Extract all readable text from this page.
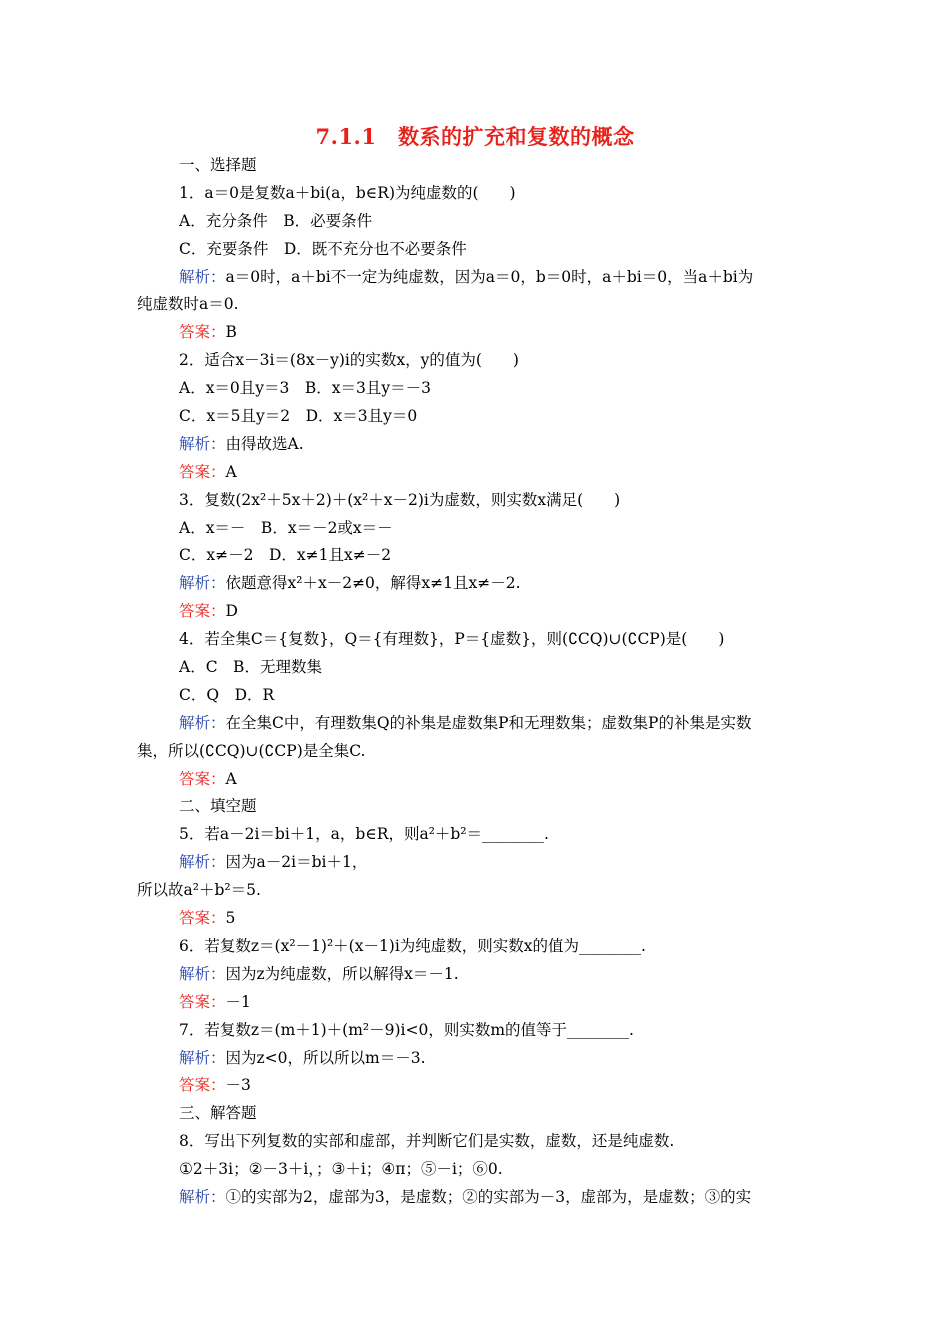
7.1.1　数系的扩充和复数的概念
一、选择题
1．a＝0是复数a＋bi(a，b∈R)为纯虚数的(　　)
A．充分条件　B．必要条件
C．充要条件　D．既不充分也不必要条件
解析：a＝0时，a＋bi不一定为纯虚数，因为a＝0，b＝0时，a＋bi＝0，当a＋bi为
纯虚数时a＝0.
答案：B
2．适合x－3i＝(8x－y)i的实数x，y的值为(　　)
A．x＝0且y＝3　B．x＝3且y＝－3
C．x＝5且y＝2　D．x＝3且y＝0
解析：由得故选A.
答案：A
3．复数(2x²＋5x＋2)＋(x²＋x－2)i为虚数，则实数x满足(　　)
A．x＝－　B．x＝－2或x＝－
C．x≠－2　D．x≠1且x≠－2
解析：依题意得x²＋x－2≠0，解得x≠1且x≠－2.
答案：D
4．若全集C＝{复数}，Q＝{有理数}，P＝{虚数}，则(∁CQ)∪(∁CP)是(　　)
A．C　B．无理数集
C．Q　D．R
解析：在全集C中，有理数集Q的补集是虚数集P和无理数集；虚数集P的补集是实数
集，所以(∁CQ)∪(∁CP)是全集C.
答案：A
二、填空题
5．若a－2i＝bi＋1，a，b∈R，则a²＋b²＝________.
解析：因为a－2i＝bi＋1，
所以故a²＋b²＝5.
答案：5
6．若复数z＝(x²－1)²＋(x－1)i为纯虚数，则实数x的值为________.
解析：因为z为纯虚数，所以解得x＝－1.
答案：－1
7．若复数z＝(m＋1)＋(m²－9)i<0，则实数m的值等于________.
解析：因为z<0，所以所以m＝－3.
答案：－3
三、解答题
8．写出下列复数的实部和虚部，并判断它们是实数，虚数，还是纯虚数.
①2＋3i；②－3＋i，；③＋i；④π；⑤－i；⑥0.
解析：①的实部为2，虚部为3，是虚数；②的实部为－3，虚部为，是虚数；③的实
